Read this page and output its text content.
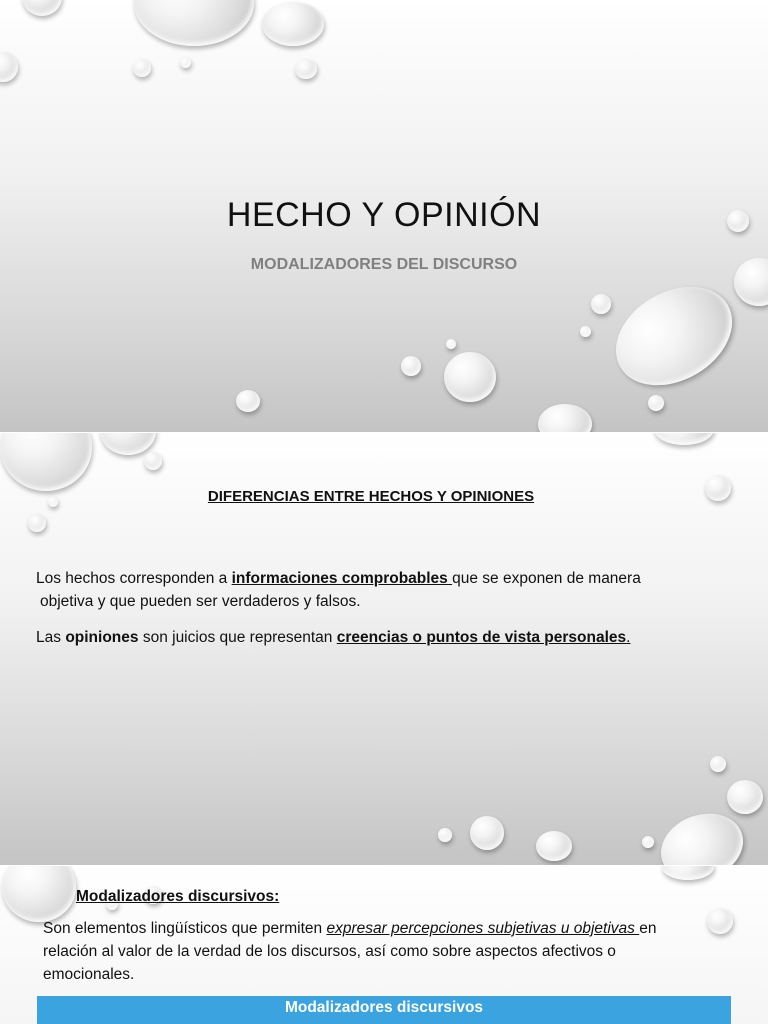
HECHO Y OPINIÓN
MODALIZADORES DEL DISCURSO
DIFERENCIAS ENTRE HECHOS Y OPINIONES
Los hechos corresponden a informaciones comprobables que se exponen de manera
objetiva y que pueden ser verdaderos y falsos.
Las opiniones son juicios que representan creencias o puntos de vista personales.
Modalizadores discursivos:
Son elementos lingüísticos que permiten expresar percepciones subjetivas u objetivas en relación al valor de la verdad de los discursos, así como sobre aspectos afectivos o emocionales.
Modalizadores discursivos
